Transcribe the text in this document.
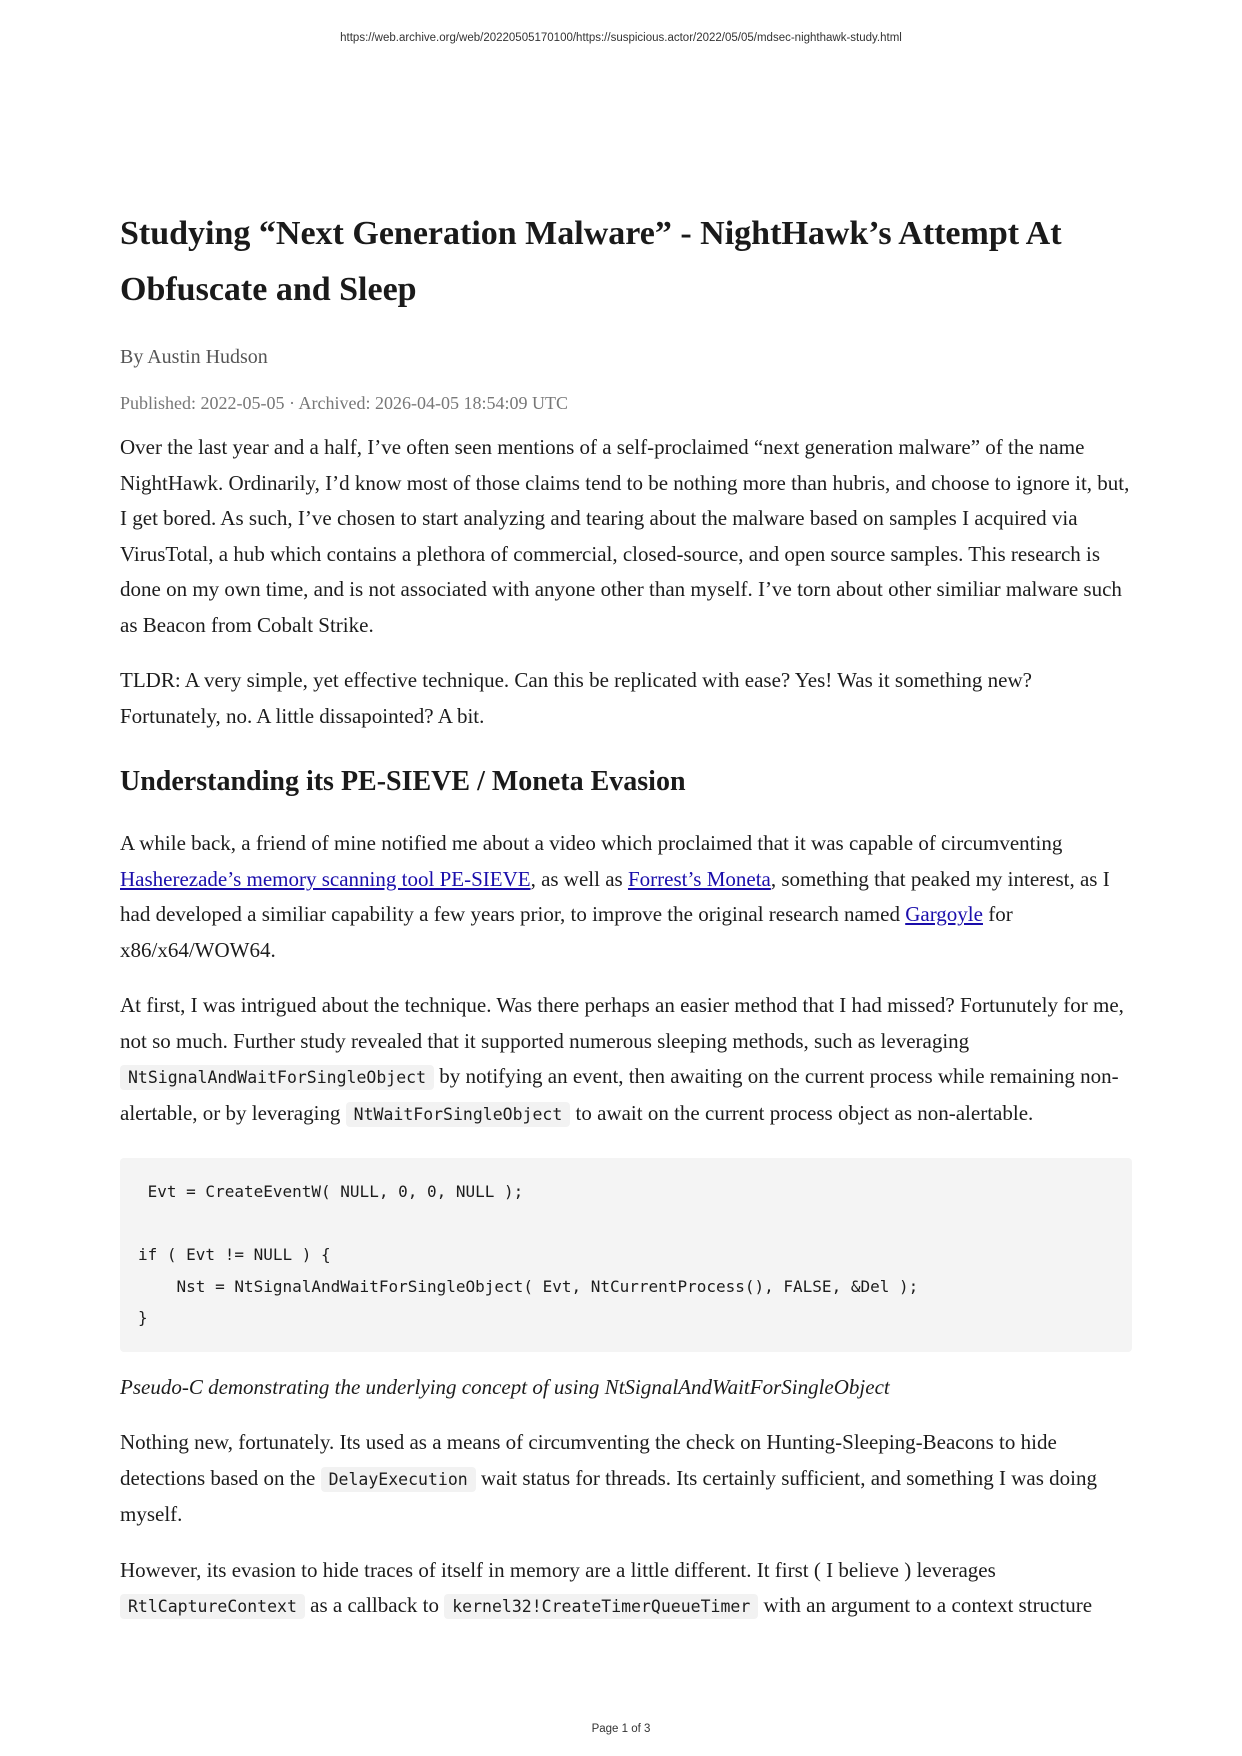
https://web.archive.org/web/20220505170100/https://suspicious.actor/2022/05/05/mdsec-nighthawk-study.html
Studying “Next Generation Malware” - NightHawk’s Attempt At Obfuscate and Sleep
By Austin Hudson
Published: 2022-05-05 · Archived: 2026-04-05 18:54:09 UTC

Over the last year and a half, I’ve often seen mentions of a self-proclaimed “next generation malware” of the name NightHawk. Ordinarily, I’d know most of those claims tend to be nothing more than hubris, and choose to ignore it, but, I get bored. As such, I’ve chosen to start analyzing and tearing about the malware based on samples I acquired via VirusTotal, a hub which contains a plethora of commercial, closed-source, and open source samples. This research is done on my own time, and is not associated with anyone other than myself. I’ve torn about other similiar malware such as Beacon from Cobalt Strike.

TLDR: A very simple, yet effective technique. Can this be replicated with ease? Yes! Was it something new? Fortunately, no. A little dissapointed? A bit.

Understanding its PE-SIEVE / Moneta Evasion

A while back, a friend of mine notified me about a video which proclaimed that it was capable of circumventing Hasherezade’s memory scanning tool PE-SIEVE, as well as Forrest’s Moneta, something that peaked my interest, as I had developed a similiar capability a few years prior, to improve the original research named Gargoyle for x86/x64/WOW64.

At first, I was intrigued about the technique. Was there perhaps an easier method that I had missed? Fortunutely for me, not so much. Further study revealed that it supported numerous sleeping methods, such as leveraging NtSignalAndWaitForSingleObject by notifying an event, then awaiting on the current process while remaining non-alertable, or by leveraging NtWaitForSingleObject to await on the current process object as non-alertable.

Evt = CreateEventW( NULL, 0, 0, NULL );

if ( Evt != NULL ) {
Nst = NtSignalAndWaitForSingleObject( Evt, NtCurrentProcess(), FALSE, &Del );
}

Pseudo-C demonstrating the underlying concept of using NtSignalAndWaitForSingleObject

Nothing new, fortunately. Its used as a means of circumventing the check on Hunting-Sleeping-Beacons to hide detections based on the DelayExecution wait status for threads. Its certainly sufficient, and something I was doing myself.

However, its evasion to hide traces of itself in memory are a little different. It first ( I believe ) leverages RtlCaptureContext as a callback to kernel32!CreateTimerQueueTimer with an argument to a context structure

Page 1 of 3
